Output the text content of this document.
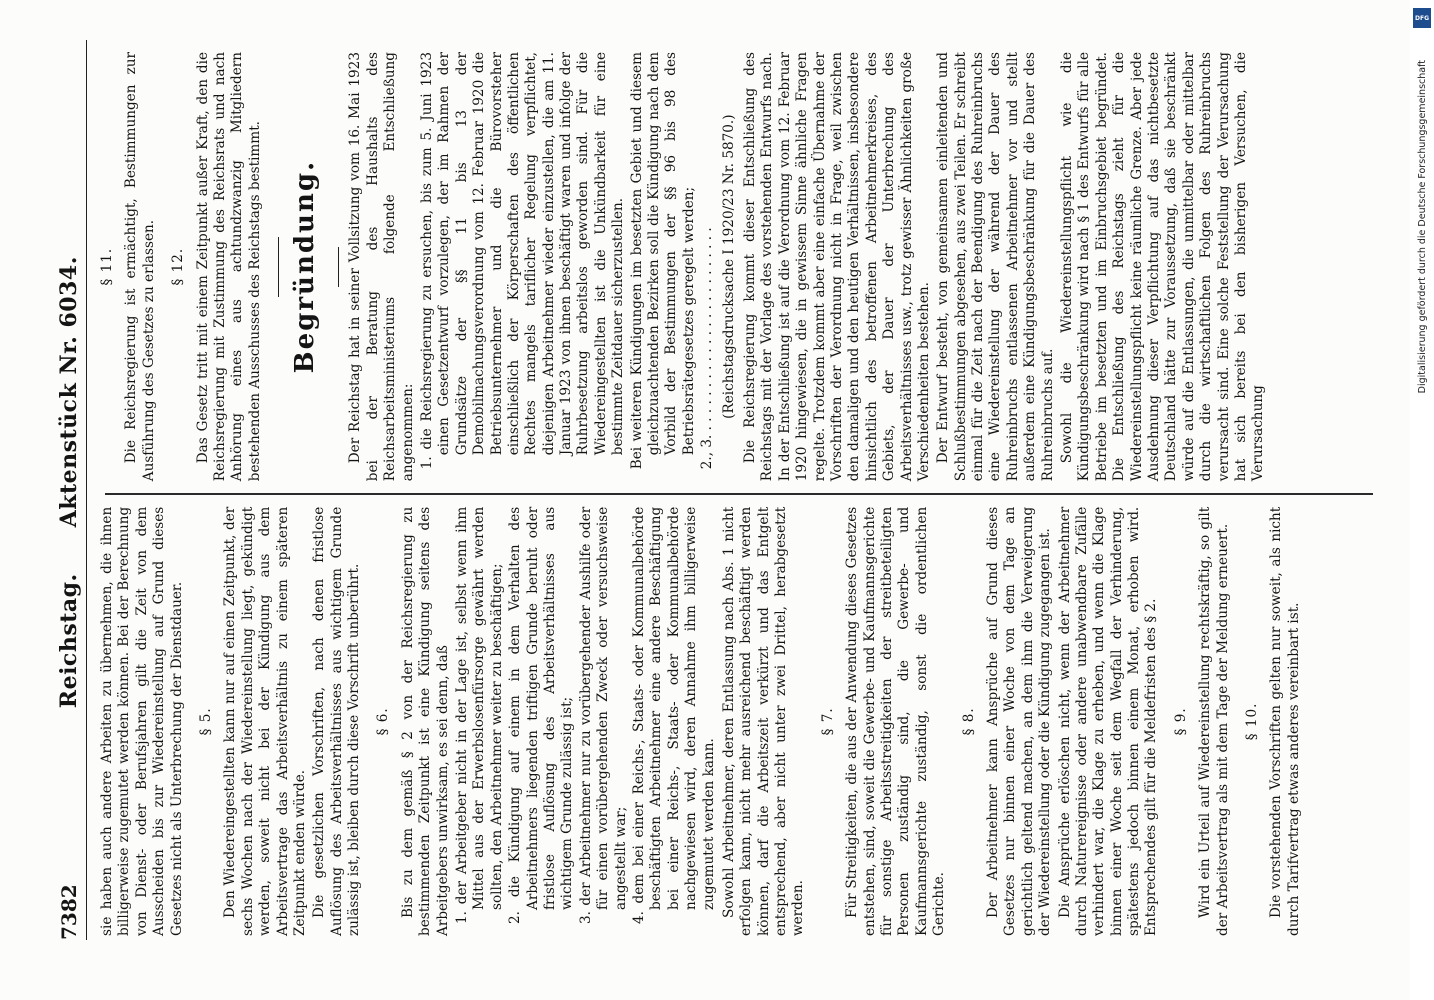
7382
Reichstag.Aktenstück Nr. 6034.

sie haben auch andere Arbeiten zu übernehmen, die ihnen billigerweise zugemutet werden können. Bei der Berechnung von Dienst- oder Berufsjahren gilt die Zeit von dem Ausscheiden bis zur Wiedereinstellung auf Grund dieses Gesetzes nicht als Unterbrechung der Dienstdauer. § 5. Den Wiedereingestellten kann nur auf einen Zeitpunkt, der sechs Wochen nach der Wiedereinstellung liegt, gekündigt werden, soweit nicht bei der Kündigung aus dem Arbeitsvertrage das Arbeitsverhältnis zu einem späteren Zeitpunkt enden würde. Die gesetzlichen Vorschriften, nach denen fristlose Auflösung des Arbeitsverhältnisses aus wichtigem Grunde zulässig ist, bleiben durch diese Vorschrift unberührt. § 6. Bis zu dem gemäß § 2 von der Reichsregierung zu bestimmenden Zeitpunkt ist eine Kündigung seitens des Arbeitgebers unwirksam, es sei denn, daß 1. der Arbeitgeber nicht in der Lage ist, selbst wenn ihm Mittel aus der Erwerbslosenfürsorge gewährt werden sollten, den Arbeitnehmer weiter zu beschäftigen; 2. die Kündigung auf einem in dem Verhalten des Arbeitnehmers liegenden triftigen Grunde beruht oder fristlose Auflösung des Arbeitsverhältnisses aus wichtigem Grunde zulässig ist; 3. der Arbeitnehmer nur zu vorübergehender Aushilfe oder für einen vorübergehenden Zweck oder versuchsweise angestellt war; 4. dem bei einer Reichs-, Staats- oder Kommunalbehörde beschäftigten Arbeitnehmer eine andere Beschäftigung bei einer Reichs-, Staats- oder Kommunalbehörde nachgewiesen wird, deren Annahme ihm billigerweise zugemutet werden kann. Sowohl Arbeitnehmer, deren Entlassung nach Abs. 1 nicht erfolgen kann, nicht mehr ausreichend beschäftigt werden können, darf die Arbeitszeit verkürzt und das Entgelt entsprechend, aber nicht unter zwei Drittel, herabgesetzt werden.

§ 7. Für Streitigkeiten, die aus der Anwendung dieses Gesetzes entstehen, sind, soweit die Gewerbe- und Kaufmannsgerichte für sonstige Arbeitsstreitigkeiten der streitbeteiligten Personen zuständig sind, die Gewerbe- und Kaufmannsgerichte zuständig, sonst die ordentlichen Gerichte.

§ 8. Der Arbeitnehmer kann Ansprüche auf Grund dieses Gesetzes nur binnen einer Woche von dem Tage an gerichtlich geltend machen, an dem ihm die Verweigerung der Wiedereinstellung oder die Kündigung zugegangen ist. Die Ansprüche erlöschen nicht, wenn der Arbeitnehmer durch Naturereignisse oder andere unabwendbare Zufälle verhindert war, die Klage zu erheben, und wenn die Klage binnen einer Woche seit dem Wegfall der Verhinderung, spätestens jedoch binnen einem Monat, erhoben wird. Entsprechendes gilt für die Meldefristen des § 2. § 9. Wird ein Urteil auf Wiedereinstellung rechtskräftig, so gilt der Arbeitsvertrag als mit dem Tage der Meldung erneuert. § 10. Die vorstehenden Vorschriften gelten nur soweit, als nicht durch Tarifvertrag etwas anderes vereinbart ist.

§ 11. Die Reichsregierung ist ermächtigt, Bestimmungen zur Ausführung des Gesetzes zu erlassen. § 12. Das Gesetz tritt mit einem Zeitpunkt außer Kraft, den die Reichsregierung mit Zustimmung des Reichsrats und nach Anhörung eines aus achtundzwanzig Mitgliedern bestehenden Ausschusses des Reichstags bestimmt. Begründung. Der Reichstag hat in seiner Vollsitzung vom 16. Mai 1923 bei der Beratung des Haushalts des Reichsarbeitsministeriums folgende Entschließung angenommen: 1. die Reichsregierung zu ersuchen, bis zum 5. Juni 1923 einen Gesetzentwurf vorzulegen, der im Rahmen der Grundsätze der §§ 11 bis 13 der Demobilmachungsverordnung vom 12. Februar 1920 die Betriebsunternehmer und die Bürovorsteher einschließlich der Körperschaften des öffentlichen Rechtes mangels tariflicher Regelung verpflichtet, diejenigen Arbeitnehmer wieder einzustellen, die am 11. Januar 1923 von ihnen beschäftigt waren und infolge der Ruhrbesetzung arbeitslos geworden sind. Für die Wiedereingestellten ist die Unkündbarkeit für eine bestimmte Zeitdauer sicherzustellen. Bei weiteren Kündigungen im besetzten Gebiet und diesem gleichzuachtenden Bezirken soll die Kündigung nach dem Vorbild der Bestimmungen der §§ 96 bis 98 des Betriebsrätegesetzes geregelt werden; 2., 3. . . . . . . . . . . . . . . . . . . . . . . . . (Reichstagsdrucksache I 1920/23 Nr. 5870.) Die Reichsregierung kommt dieser Entschließung des Reichstags mit der Vorlage des vorstehenden Entwurfs nach. In der Entschließung ist auf die Verordnung vom 12. Februar 1920 hingewiesen, die in gewissem Sinne ähnliche Fragen regelte. Trotzdem kommt aber eine einfache Übernahme der Vorschriften der Verordnung nicht in Frage, weil zwischen den damaligen und den heutigen Verhältnissen, insbesondere hinsichtlich des betroffenen Arbeitnehmerkreises, des Gebiets, der Dauer der Unterbrechung des Arbeitsverhältnisses usw., trotz gewisser Ähnlichkeiten große Verschiedenheiten bestehen. Der Entwurf besteht, von gemeinsamen einleitenden und Schlußbestimmungen abgesehen, aus zwei Teilen. Er schreibt einmal für die Zeit nach der Beendigung des Ruhreinbruchs eine Wiedereinstellung der während der Dauer des Ruhreinbruchs entlassenen Arbeitnehmer vor und stellt außerdem eine Kündigungsbeschränkung für die Dauer des Ruhreinbruchs auf. Sowohl die Wiedereinstellungspflicht wie die Kündigungsbeschränkung wird nach § 1 des Entwurfs für alle Betriebe im besetzten und im Einbruchsgebiet begründet. Die Entschließung des Reichstags zieht für die Wiedereinstellungspflicht keine räumliche Grenze. Aber jede Ausdehnung dieser Verpflichtung auf das nichtbesetzte Deutschland hätte zur Voraussetzung, daß sie beschränkt würde auf die Entlassungen, die unmittelbar oder mittelbar durch die wirtschaftlichen Folgen des Ruhreinbruchs verursacht sind. Eine solche Feststellung der Verursachung hat sich bereits bei den bisherigen Versuchen, die Verursachung

DFG
Digitalisierung gefördert durch die Deutsche Forschungsgemeinschaft
